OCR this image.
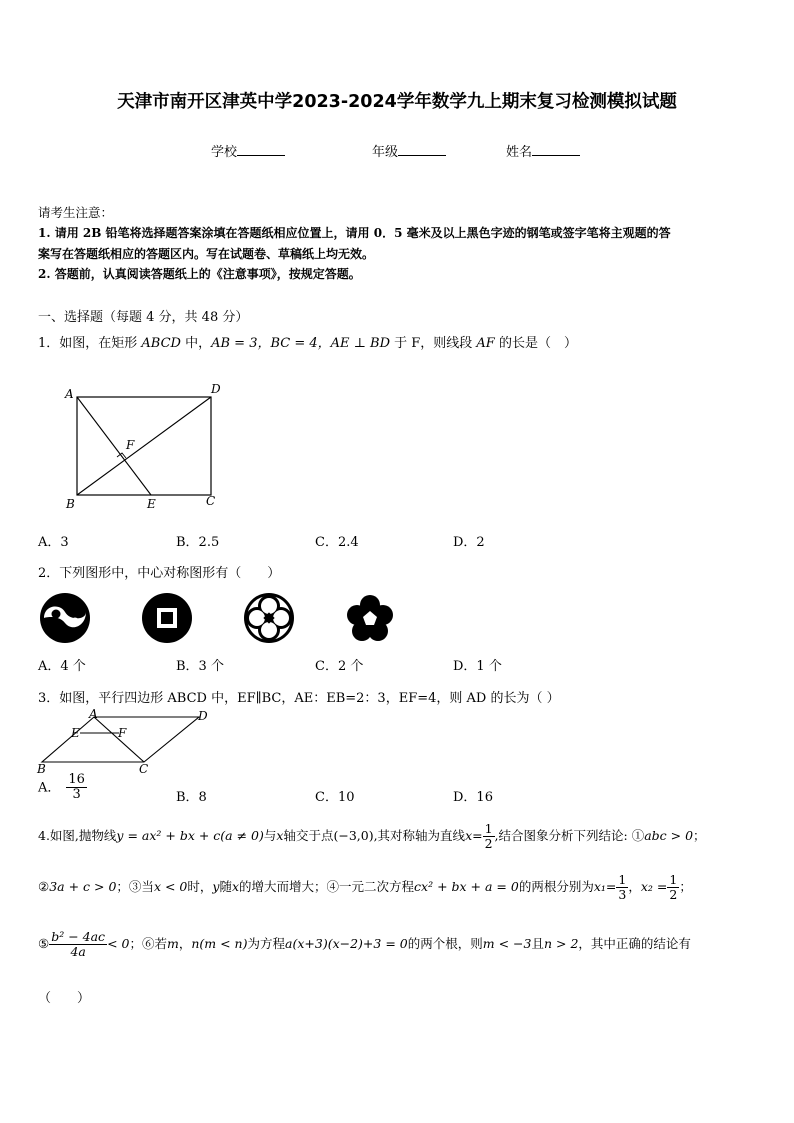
天津市南开区津英中学2023-2024学年数学九上期末复习检测模拟试题
学校	年级	姓名
请考生注意：
1. 请用 2B 铅笔将选择题答案涂填在答题纸相应位置上，请用 0．5 毫米及以上黑色字迹的钢笔或签字笔将主观题的答
案写在答题纸相应的答题区内。写在试题卷、草稿纸上均无效。
2. 答题前，认真阅读答题纸上的《注意事项》，按规定答题。
一、选择题（每题 4 分，共 48 分）
1．如图，在矩形 ABCD 中，AB = 3，BC = 4，AE ⊥ BD 于 F，则线段 AF 的长是（　）
A	D
F
B	E	C
A．3	B．2.5	C．2.4	D．2
2．下列图形中，中心对称图形有（　　）
A．4 个	B．3 个	C．2 个	D．1 个
3．如图，平行四边形 ABCD 中，EF∥BC，AE：EB=2：3，EF=4，则 AD 的长为（ ）
A	D
E	F
B	C
A． $\frac{16}{3}$	B．8	C．10	D．16
4.如图,抛物线y = ax² + bx + c(a ≠ 0)与x轴交于点(−3,0),其对称轴为直线$x= \frac{1}{2}$ ,结合图象分析下列结论: ①abc > 0；
②3a + c > 0；③当x < 0时，y随x的增大而增大；④一元二次方程cx² + bx + a = 0的两根分别为$x_1= \frac{1}{3}$ ，$x_2 = \frac{1}{2}$ ；
⑤ $\frac{\text{b² − 4ac}}{4a} < 0$；⑥若m，n(m < n)为方程a(x+3)(x−2)+3 = 0的两个根，则m < −3且n > 2，其中正确的结论有
（　　）
